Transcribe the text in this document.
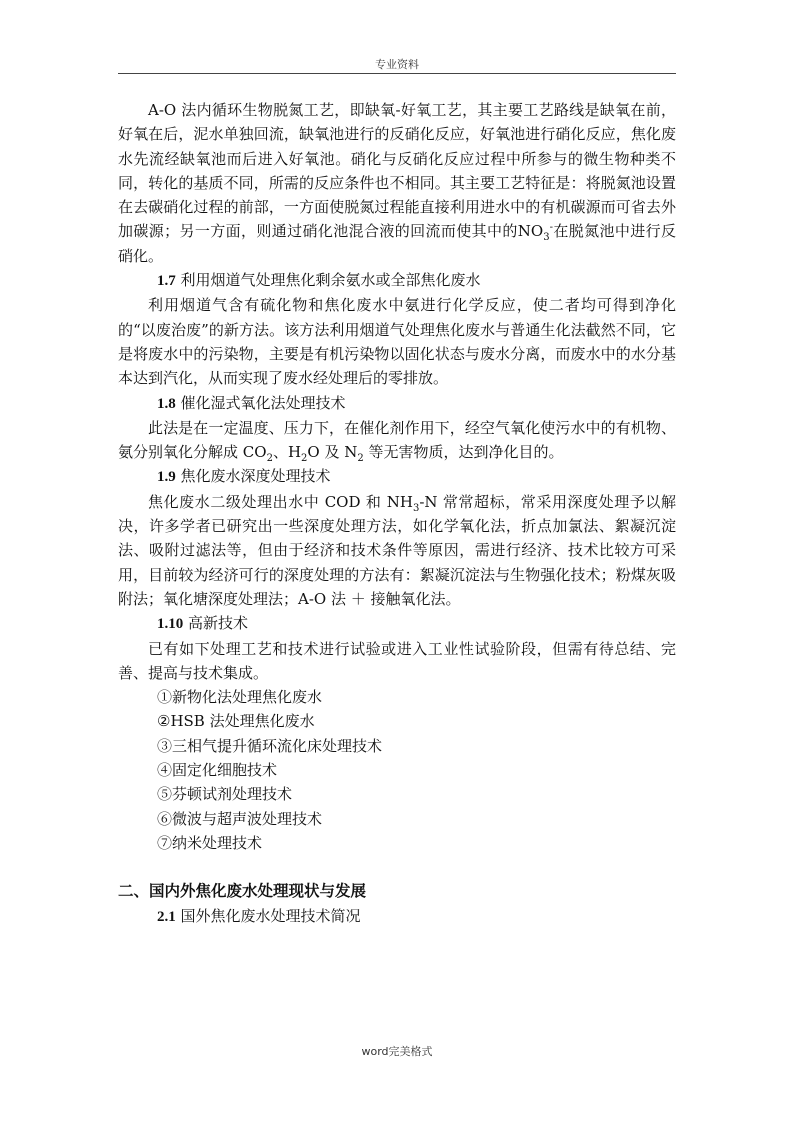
专业资料

A-O 法内循环生物脱氮工艺，即缺氧-好氧工艺，其主要工艺路线是缺氧在前，好氧在后，泥水单独回流，缺氧池进行的反硝化反应，好氧池进行硝化反应，焦化废水先流经缺氧池而后进入好氧池。硝化与反硝化反应过程中所参与的微生物种类不同，转化的基质不同，所需的反应条件也不相同。其主要工艺特征是：将脱氮池设置在去碳硝化过程的前部，一方面使脱氮过程能直接利用进水中的有机碳源而可省去外加碳源；另一方面，则通过硝化池混合液的回流而使其中的$NO_3^-$在脱氮池中进行反硝化。

1.7 利用烟道气处理焦化剩余氨水或全部焦化废水

利用烟道气含有硫化物和焦化废水中氨进行化学反应，使二者均可得到净化的“以废治废”的新方法。该方法利用烟道气处理焦化废水与普通生化法截然不同，它是将废水中的污染物，主要是有机污染物以固化状态与废水分离，而废水中的水分基本达到汽化，从而实现了废水经处理后的零排放。

1.8 催化湿式氧化法处理技术

此法是在一定温度、压力下，在催化剂作用下，经空气氧化使污水中的有机物、氨分别氧化分解成 $CO_2$、$H_2O$ 及 $N_2$ 等无害物质，达到净化目的。

1.9 焦化废水深度处理技术

焦化废水二级处理出水中 COD 和 $NH_3-N$ 常常超标，常采用深度处理予以解决，许多学者已研究出一些深度处理方法，如化学氧化法，折点加氯法、絮凝沉淀法、吸附过滤法等，但由于经济和技术条件等原因，需进行经济、技术比较方可采用，目前较为经济可行的深度处理的方法有：絮凝沉淀法与生物强化技术；粉煤灰吸附法；氧化塘深度处理法；A-O 法 ＋ 接触氧化法。

1.10 高新技术

已有如下处理工艺和技术进行试验或进入工业性试验阶段，但需有待总结、完善、提高与技术集成。

①新物化法处理焦化废水

②HSB 法处理焦化废水

③三相气提升循环流化床处理技术

④固定化细胞技术

⑤芬顿试剂处理技术

⑥微波与超声波处理技术

⑦纳米处理技术

二、国内外焦化废水处理现状与发展

2.1 国外焦化废水处理技术简况

word完美格式
